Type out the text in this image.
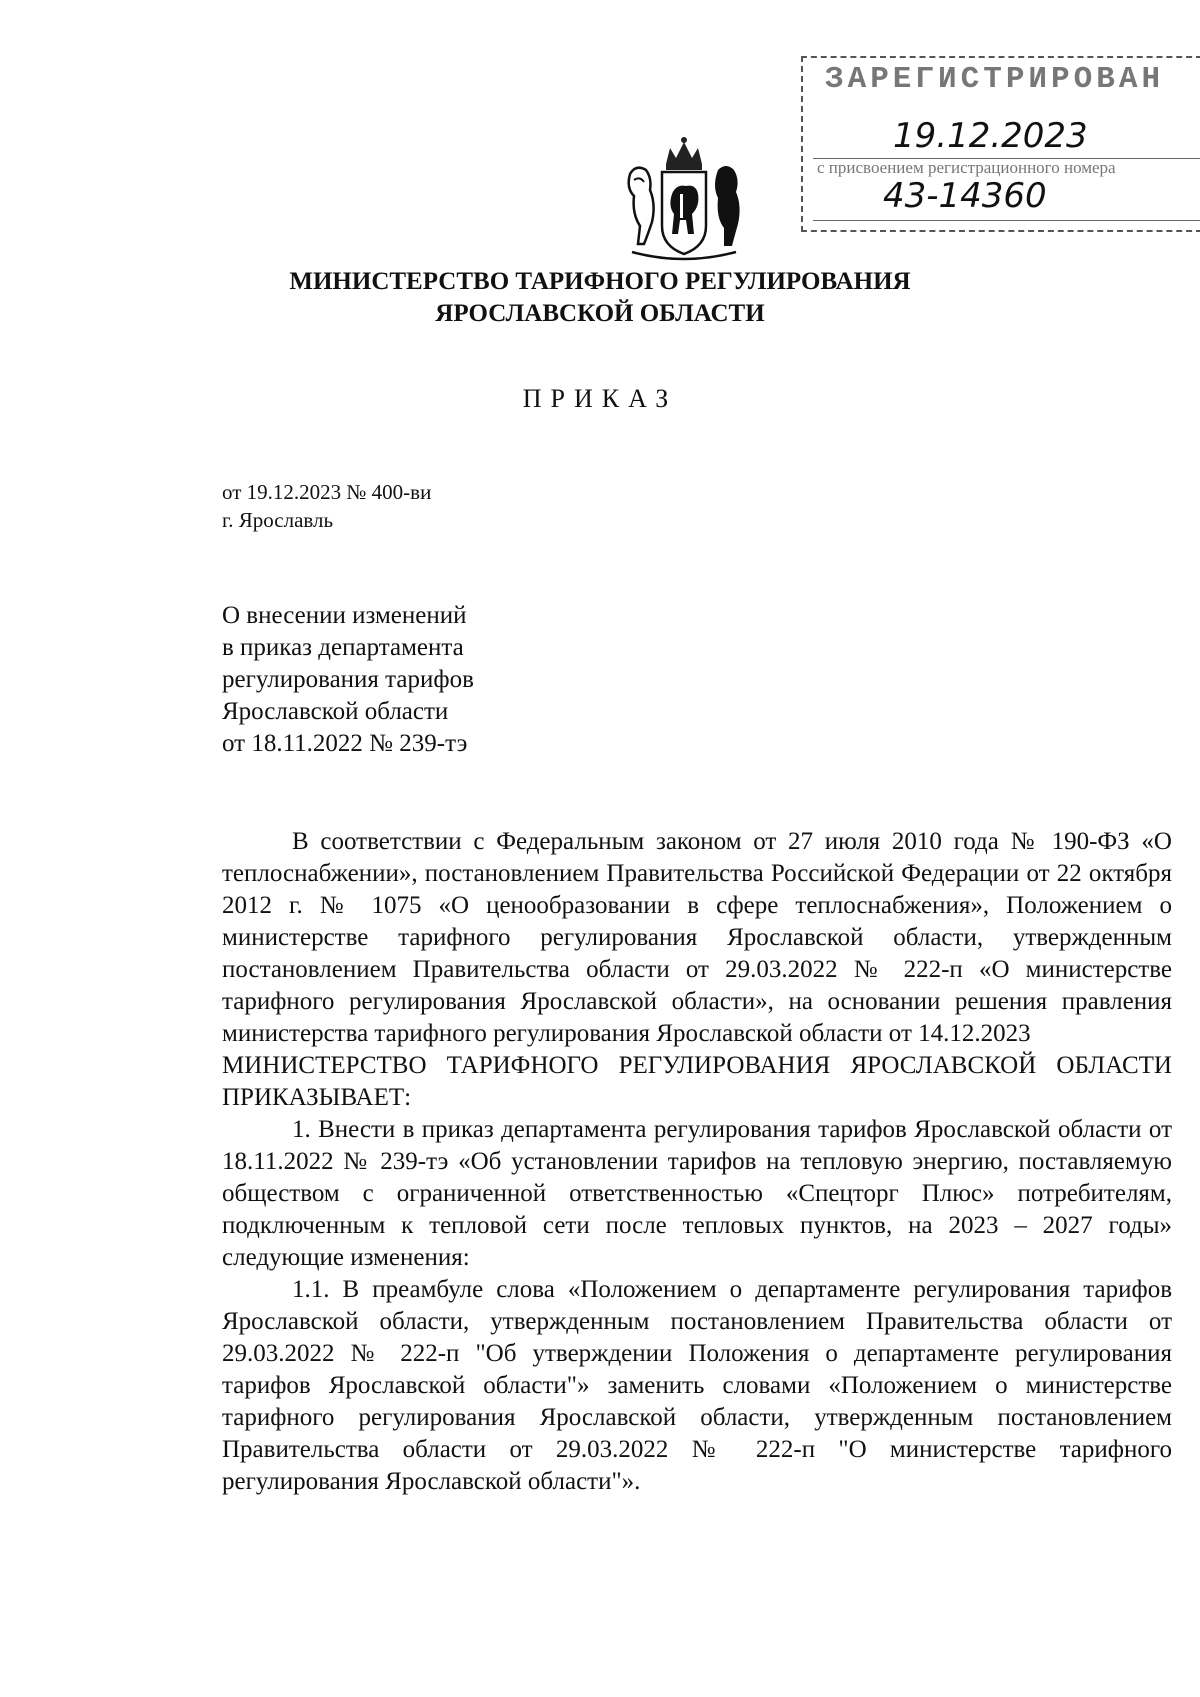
ЗАРЕГИСТРИРОВАН
19.12.2023
с присвоением регистрационного номера
43-14360
МИНИСТЕРСТВО ТАРИФНОГО РЕГУЛИРОВАНИЯ
ЯРОСЛАВСКОЙ ОБЛАСТИ
ПРИКАЗ
от 19.12.2023 № 400-ви
г. Ярославль
О внесении изменений
в приказ департамента
регулирования тарифов
Ярославской области
от 18.11.2022 № 239-тэ

В соответствии с Федеральным законом от 27 июля 2010 года № 190-ФЗ «О теплоснабжении», постановлением Правительства Российской Федерации от 22 октября 2012 г. № 1075 «О ценообразовании в сфере теплоснабжения», Положением о министерстве тарифного регулирования Ярославской области, утвержденным постановлением Правительства области от 29.03.2022 № 222-п «О министерстве тарифного регулирования Ярославской области», на основании решения правления министерства тарифного регулирования Ярославской области от 14.12.2023

МИНИСТЕРСТВО ТАРИФНОГО РЕГУЛИРОВАНИЯ ЯРОСЛАВСКОЙ ОБЛАСТИ ПРИКАЗЫВАЕТ:

1. Внести в приказ департамента регулирования тарифов Ярославской области от 18.11.2022 № 239-тэ «Об установлении тарифов на тепловую энергию, поставляемую обществом с ограниченной ответственностью «Спецторг Плюс» потребителям, подключенным к тепловой сети после тепловых пунктов, на 2023 – 2027 годы» следующие изменения:

1.1. В преамбуле слова «Положением о департаменте регулирования тарифов Ярославской области, утвержденным постановлением Правительства области от 29.03.2022 № 222-п "Об утверждении Положения о департаменте регулирования тарифов Ярославской области"» заменить словами «Положением о министерстве тарифного регулирования Ярославской области, утвержденным постановлением Правительства области от 29.03.2022 № 222-п "О министерстве тарифного регулирования Ярославской области"».
